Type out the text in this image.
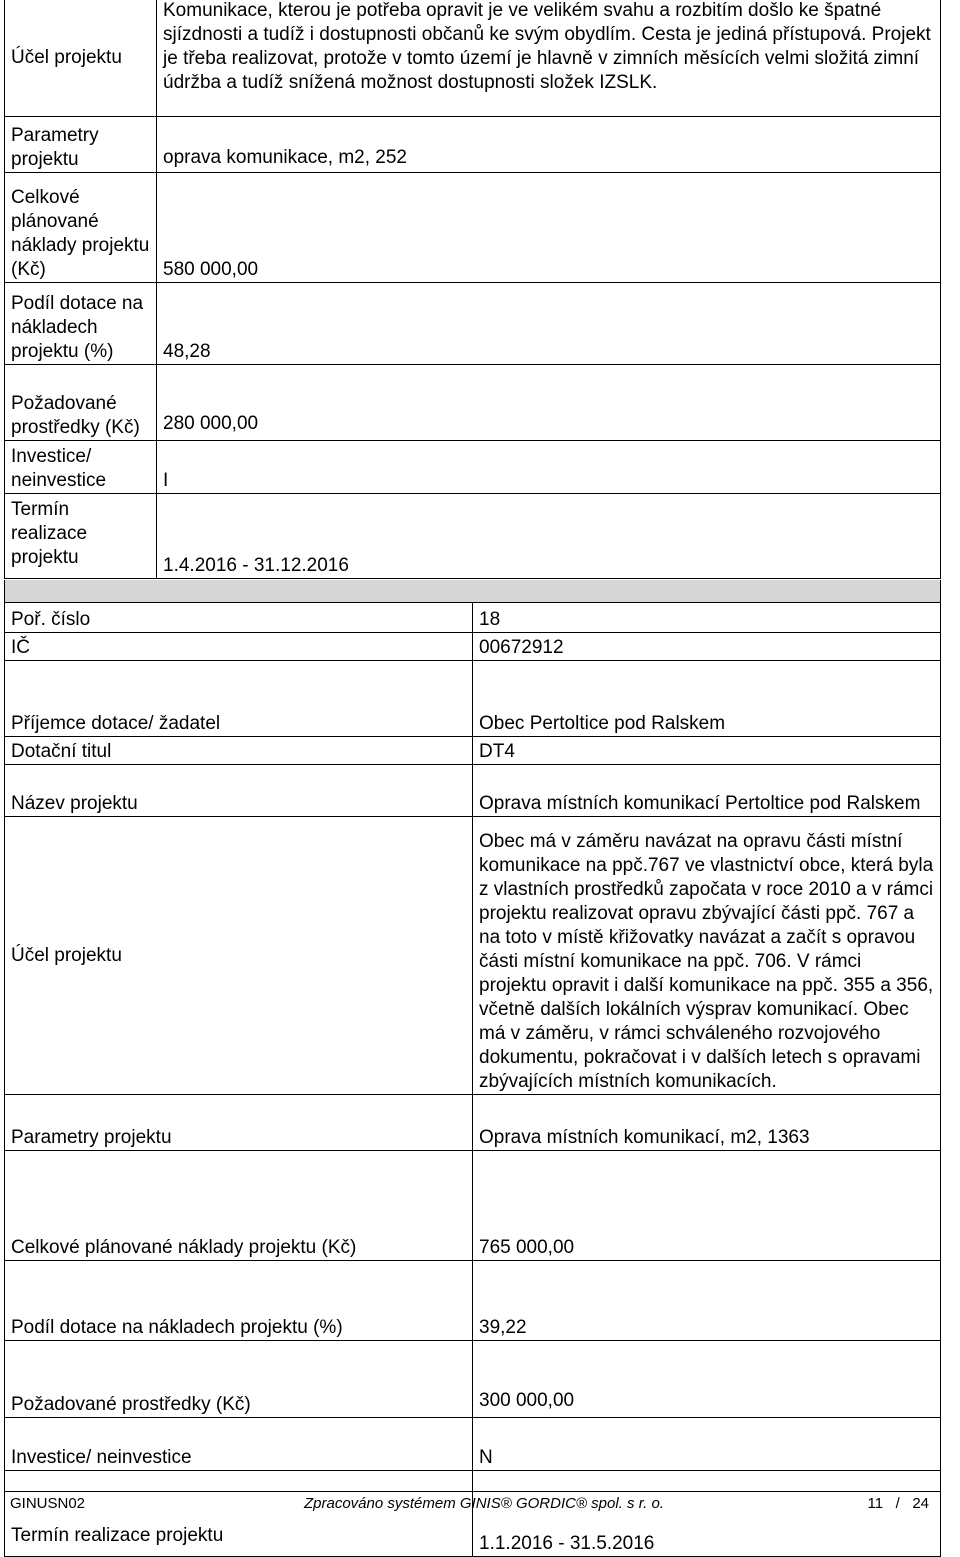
Účel projektu	Komunikace, kterou je potřeba opravit je ve velikém svahu a rozbitím došlo ke špatné sjízdnosti a tudíž i dostupnosti občanů ke svým obydlím. Cesta je jediná přístupová. Projekt je třeba realizovat, protože v tomto území je hlavně v zimních měsících velmi složitá zimní údržba a tudíž snížená možnost dostupnosti složek IZSLK.
Parametry projektu	oprava komunikace, m2, 252
Celkové plánované náklady projektu (Kč)	580 000,00
Podíl dotace na nákladech projektu (%)	48,28
Požadované prostředky (Kč)	280 000,00
Investice/ neinvestice	I
Termín realizace projektu	1.4.2016 - 31.12.2016

Poř. číslo	18
IČ	00672912
Příjemce dotace/ žadatel	Obec Pertoltice pod Ralskem
Dotační titul	DT4
Název projektu	Oprava místních komunikací Pertoltice pod Ralskem
Účel projektu	Obec má v záměru navázat na opravu části místní komunikace na ppč.767 ve vlastnictví obce, která byla z vlastních prostředků započata v roce 2010 a v rámci projektu realizovat opravu zbývající části ppč. 767 a na toto v místě křižovatky navázat a začít s opravou části místní komunikace na ppč. 706. V rámci projektu opravit i další komunikace na ppč. 355 a 356, včetně dalších lokálních výsprav komunikací. Obec má v záměru, v rámci schváleného rozvojového dokumentu, pokračovat i v dalších letech s opravami zbývajících místních komunikacích.
Parametry projektu	Oprava místních komunikací, m2, 1363
Celkové plánované náklady projektu (Kč)	765 000,00
Podíl dotace na nákladech projektu (%)	39,22
Požadované prostředky (Kč)	300 000,00
Investice/ neinvestice	N
Termín realizace projektu	1.1.2016 - 31.5.2016
GINUSN02	Zpracováno systémem GINIS® GORDIC® spol. s r. o.	11 / 24
